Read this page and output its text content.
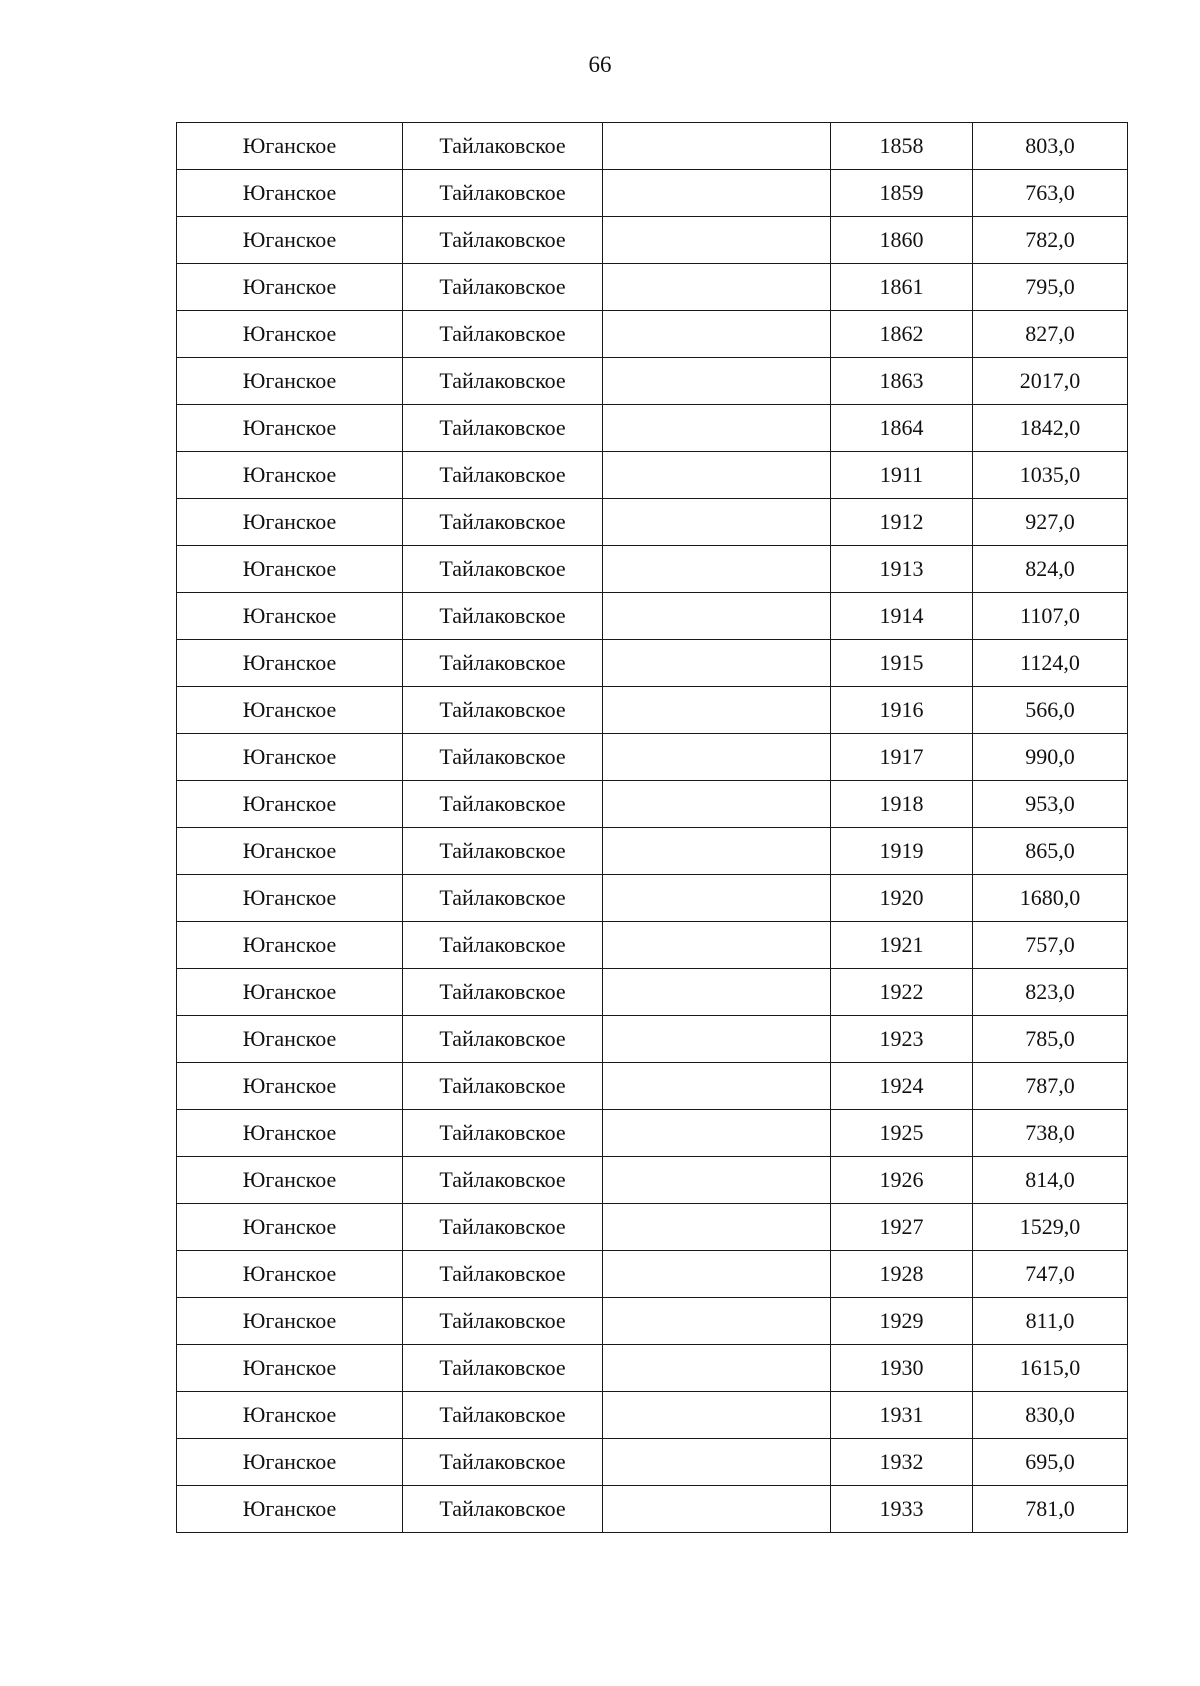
66
Юганское	Тайлаковское		1858	803,0
Юганское	Тайлаковское		1859	763,0
Юганское	Тайлаковское		1860	782,0
Юганское	Тайлаковское		1861	795,0
Юганское	Тайлаковское		1862	827,0
Юганское	Тайлаковское		1863	2017,0
Юганское	Тайлаковское		1864	1842,0
Юганское	Тайлаковское		1911	1035,0
Юганское	Тайлаковское		1912	927,0
Юганское	Тайлаковское		1913	824,0
Юганское	Тайлаковское		1914	1107,0
Юганское	Тайлаковское		1915	1124,0
Юганское	Тайлаковское		1916	566,0
Юганское	Тайлаковское		1917	990,0
Юганское	Тайлаковское		1918	953,0
Юганское	Тайлаковское		1919	865,0
Юганское	Тайлаковское		1920	1680,0
Юганское	Тайлаковское		1921	757,0
Юганское	Тайлаковское		1922	823,0
Юганское	Тайлаковское		1923	785,0
Юганское	Тайлаковское		1924	787,0
Юганское	Тайлаковское		1925	738,0
Юганское	Тайлаковское		1926	814,0
Юганское	Тайлаковское		1927	1529,0
Юганское	Тайлаковское		1928	747,0
Юганское	Тайлаковское		1929	811,0
Юганское	Тайлаковское		1930	1615,0
Юганское	Тайлаковское		1931	830,0
Юганское	Тайлаковское		1932	695,0
Юганское	Тайлаковское		1933	781,0
